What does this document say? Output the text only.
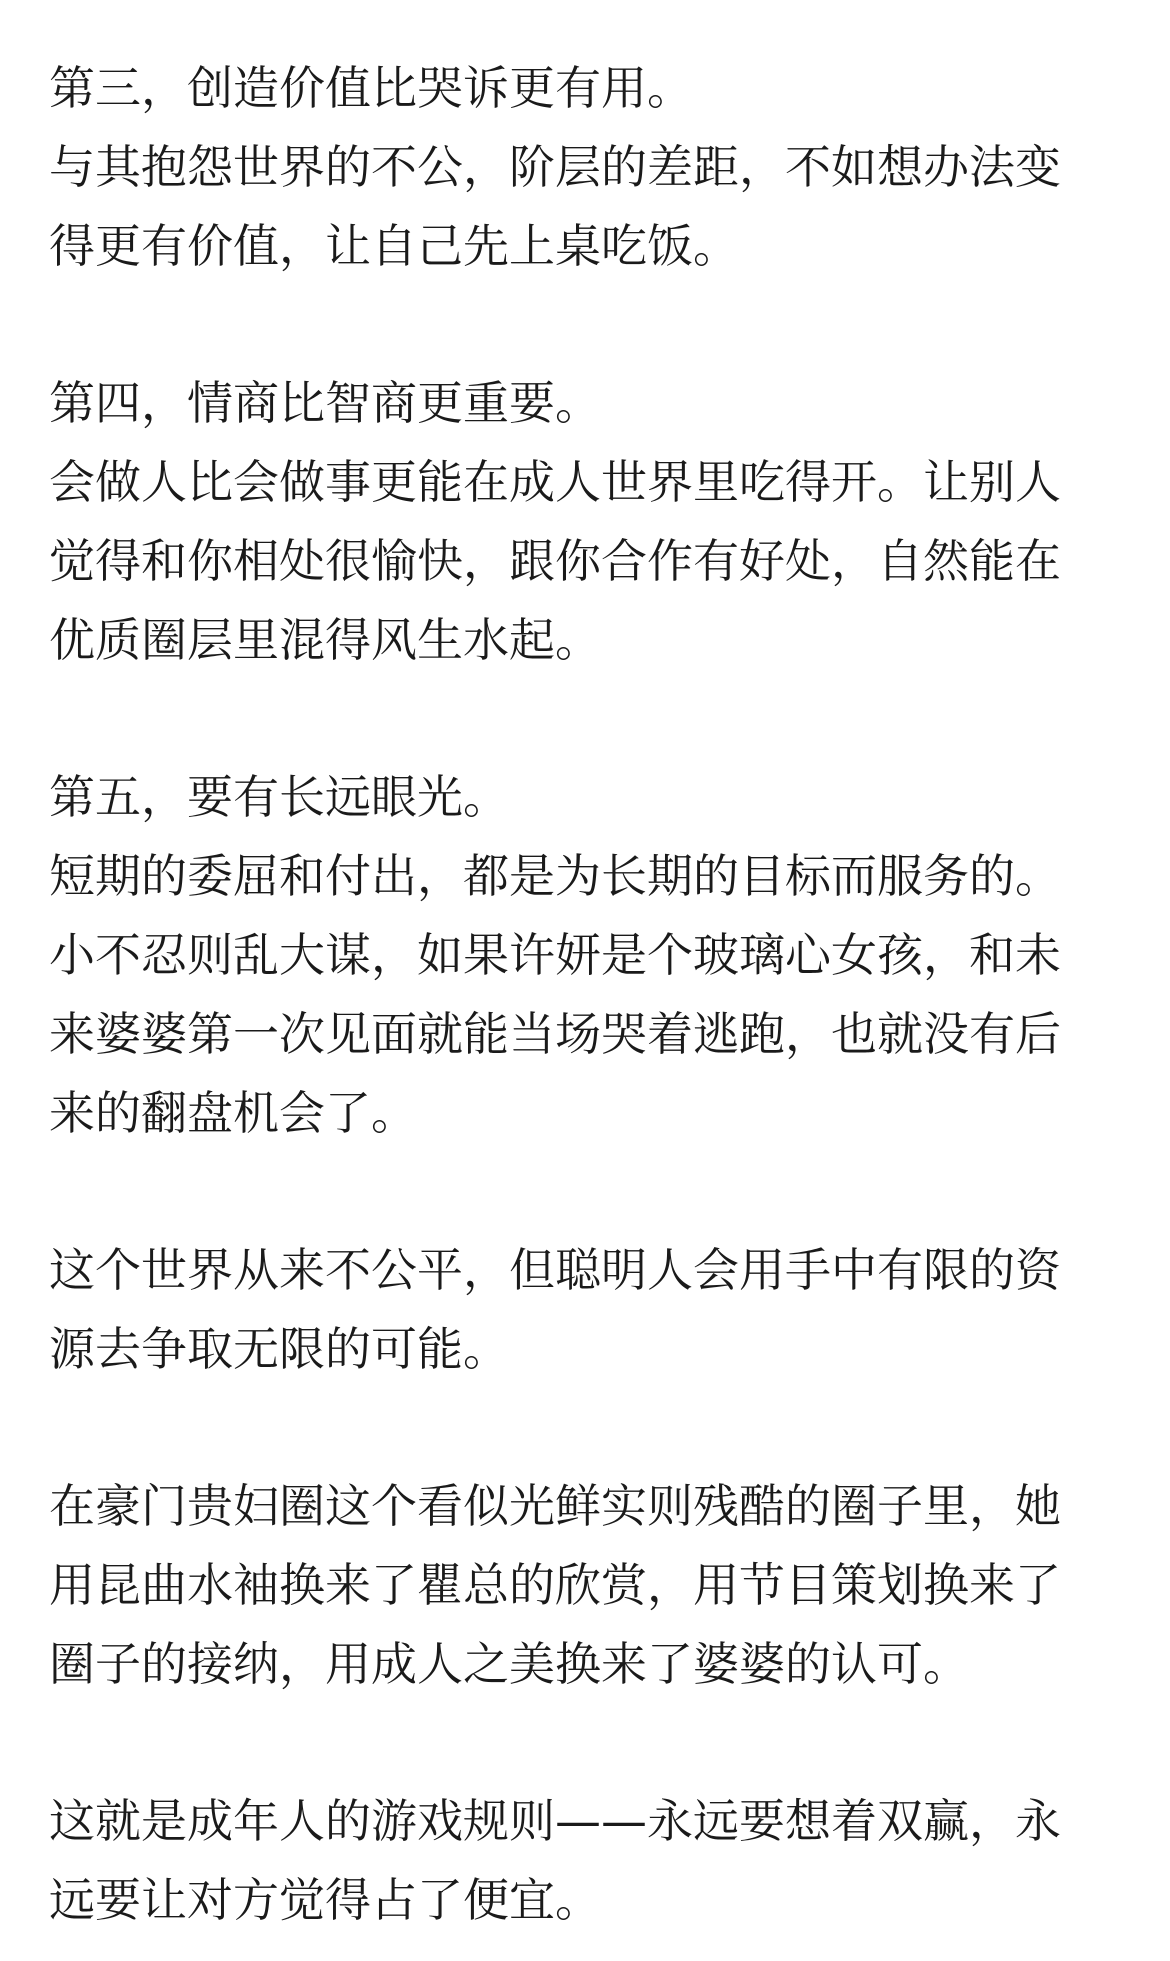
第三，创造价值比哭诉更有用。
与其抱怨世界的不公，阶层的差距，不如想办法变
得更有价值，让自己先上桌吃饭。
第四，情商比智商更重要。
会做人比会做事更能在成人世界里吃得开。让别人
觉得和你相处很愉快，跟你合作有好处，自然能在
优质圈层里混得风生水起。
第五，要有长远眼光。
短期的委屈和付出，都是为长期的目标而服务的。
小不忍则乱大谋，如果许妍是个玻璃心女孩，和未
来婆婆第一次见面就能当场哭着逃跑，也就没有后
来的翻盘机会了。
这个世界从来不公平，但聪明人会用手中有限的资
源去争取无限的可能。
在豪门贵妇圈这个看似光鲜实则残酷的圈子里，她
用昆曲水袖换来了瞿总的欣赏，用节目策划换来了
圈子的接纳，用成人之美换来了婆婆的认可。
这就是成年人的游戏规则——永远要想着双赢，永
远要让对方觉得占了便宜。
